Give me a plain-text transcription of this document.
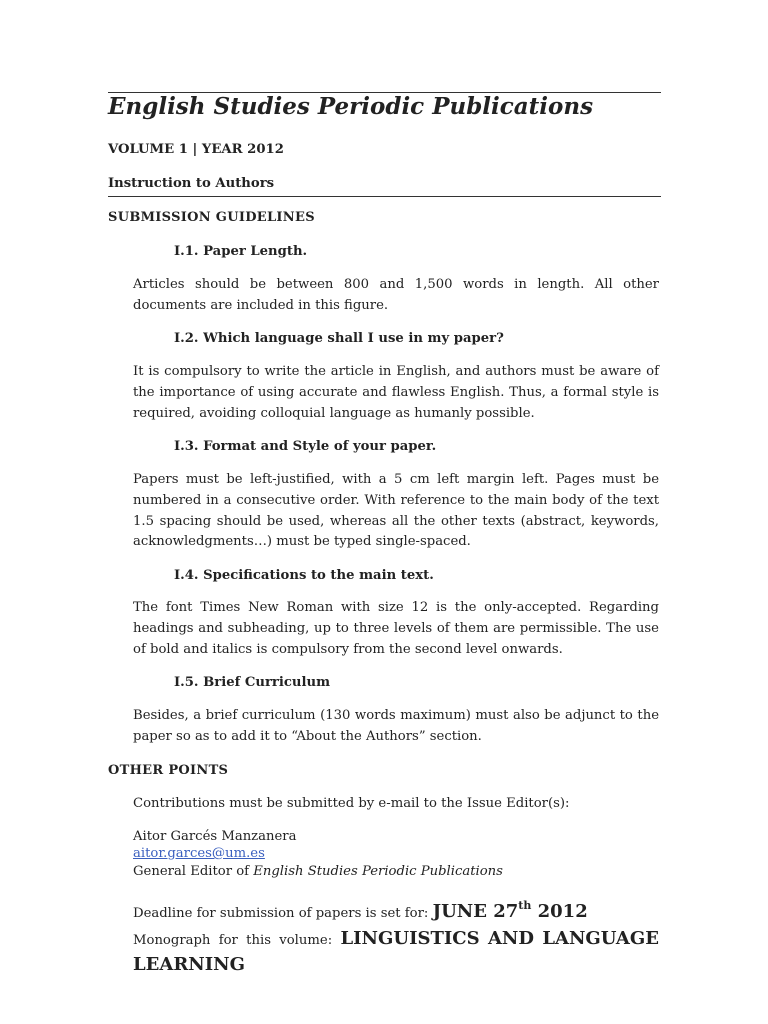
English Studies Periodic Publications

VOLUME 1 | YEAR 2012

Instruction to Authors

SUBMISSION GUIDELINES
I.1. Paper Length.

Articles should be between 800 and 1,500 words in length. All other documents are included in this figure.

I.2. Which language shall I use in my paper?

It is compulsory to write the article in English, and authors must be aware of the importance of using accurate and flawless English. Thus, a formal style is required, avoiding colloquial language as humanly possible.

I.3. Format and Style of your paper.

Papers must be left-justified, with a 5 cm left margin left. Pages must be numbered in a consecutive order. With reference to the main body of the text 1.5 spacing should be used, whereas all the other texts (abstract, keywords, acknowledgments…) must be typed single-spaced.

I.4. Specifications to the main text.

The font Times New Roman with size 12 is the only-accepted. Regarding headings and subheading, up to three levels of them are permissible. The use of bold and italics is compulsory from the second level onwards.

I.5. Brief Curriculum

Besides, a brief curriculum (130 words maximum) must also be adjunct to the paper so as to add it to “About the Authors” section.

OTHER POINTS

Contributions must be submitted by e-mail to the Issue Editor(s):

Aitor Garcés Manzanera

aitor.garces@um.es

General Editor of English Studies Periodic Publications

Deadline for submission of papers is set for: JUNE 27th 2012

Monograph for this volume: LINGUISTICS AND LANGUAGE

LEARNING
